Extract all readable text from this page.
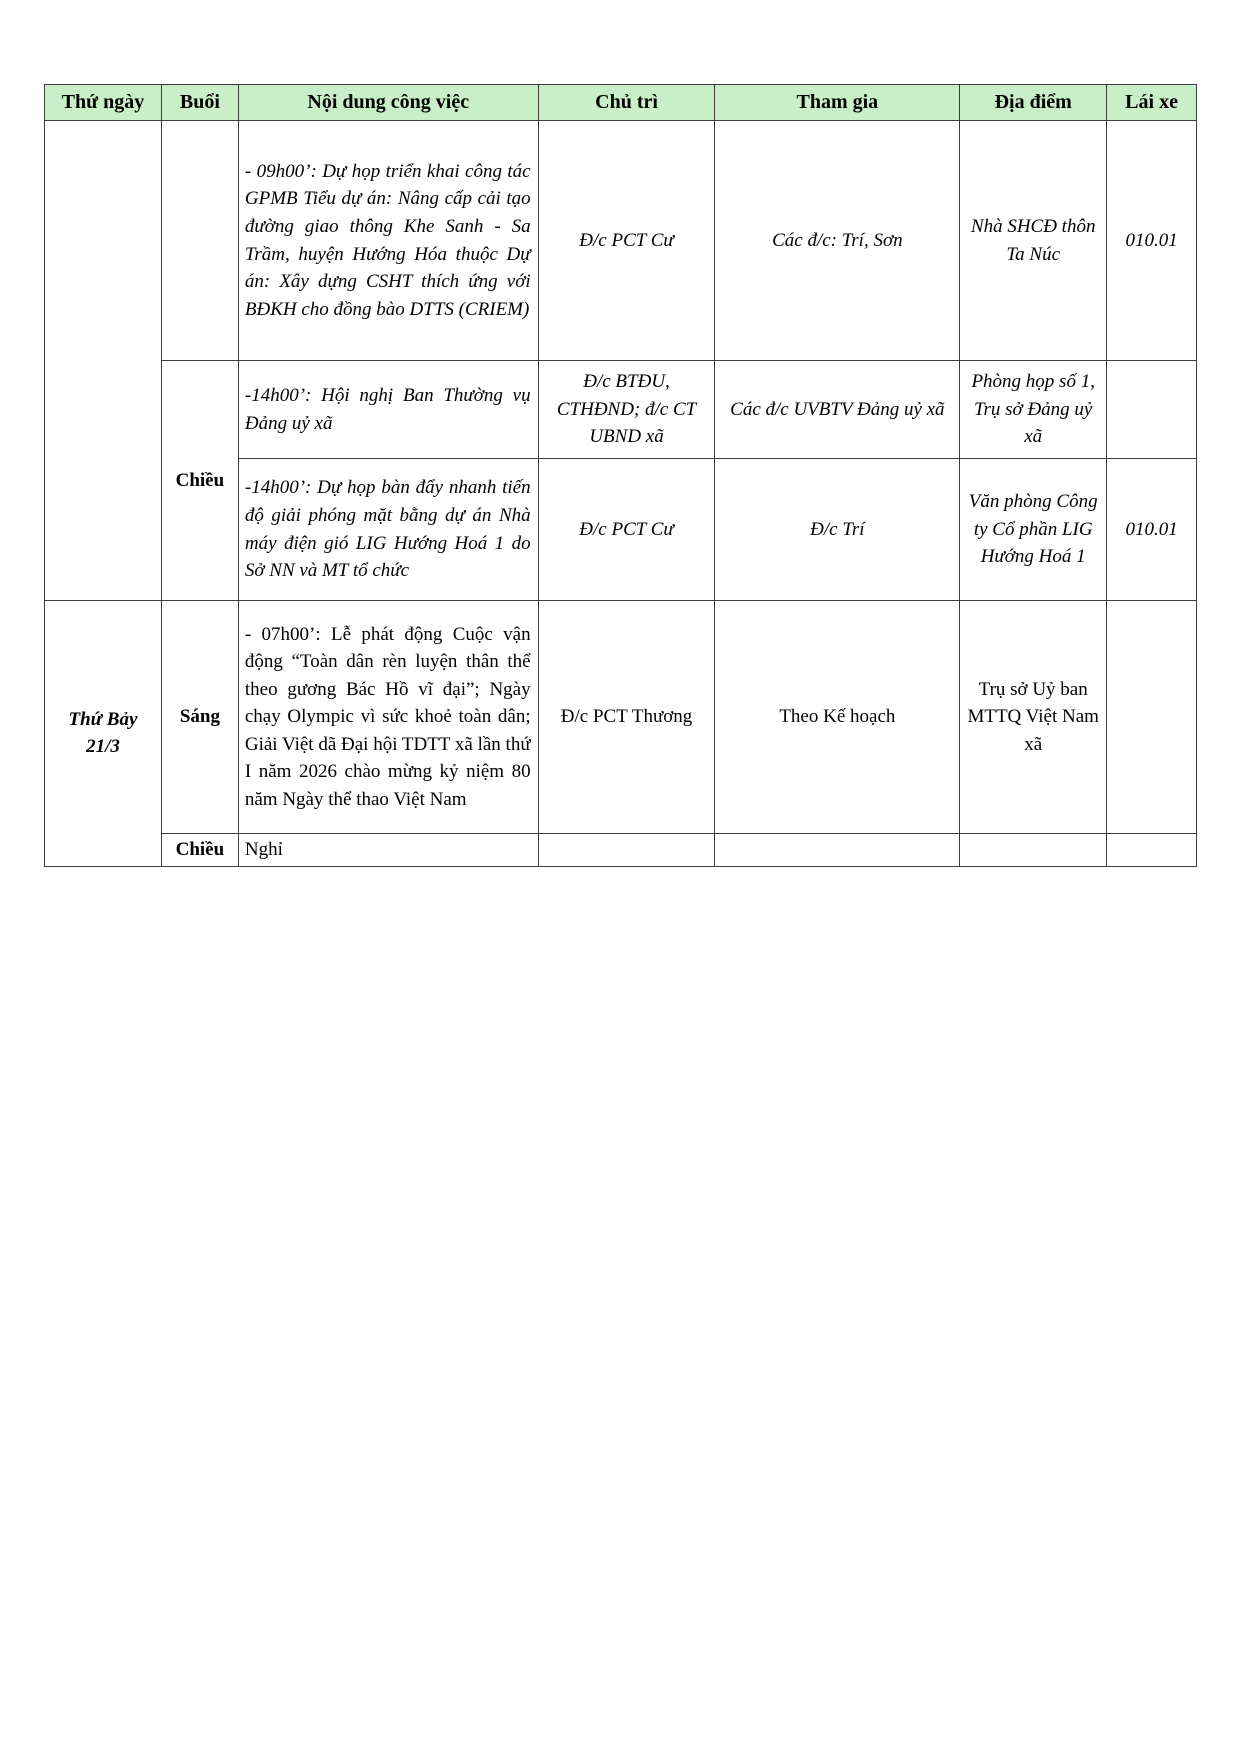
Thứ ngày	Buổi	Nội dung công việc	Chủ trì	Tham gia	Địa điểm	Lái xe
		- 09h00’: Dự họp triển khai công tác GPMB Tiểu dự án: Nâng cấp cải tạo đường giao thông Khe Sanh - Sa Trầm, huyện Hướng Hóa thuộc Dự án: Xây dựng CSHT thích ứng với BĐKH cho đồng bào DTTS (CRIEM)	Đ/c PCT Cư	Các đ/c: Trí, Sơn	Nhà SHCĐ thôn Ta Núc	010.01
	Chiều	-14h00’: Hội nghị Ban Thường vụ Đảng uỷ xã	Đ/c BTĐU, CTHĐND; đ/c CT UBND xã	Các đ/c UVBTV Đảng uỷ xã	Phòng họp số 1, Trụ sở Đảng uỷ xã	
		-14h00’: Dự họp bàn đẩy nhanh tiến độ giải phóng mặt bằng dự án Nhà máy điện gió LIG Hướng Hoá 1 do Sở NN và MT tổ chức	Đ/c PCT Cư	Đ/c Trí	Văn phòng Công ty Cổ phần LIG Hướng Hoá 1	010.01
Thứ Bảy 21/3	Sáng	- 07h00’: Lễ phát động Cuộc vận động “Toàn dân rèn luyện thân thể theo gương Bác Hồ vĩ đại”; Ngày chạy Olympic vì sức khoẻ toàn dân; Giải Việt dã Đại hội TDTT xã lần thứ I năm 2026 chào mừng kỷ niệm 80 năm Ngày thể thao Việt Nam	Đ/c PCT Thương	Theo Kế hoạch	Trụ sở Uỷ ban MTTQ Việt Nam xã	
	Chiều	Nghỉ				
